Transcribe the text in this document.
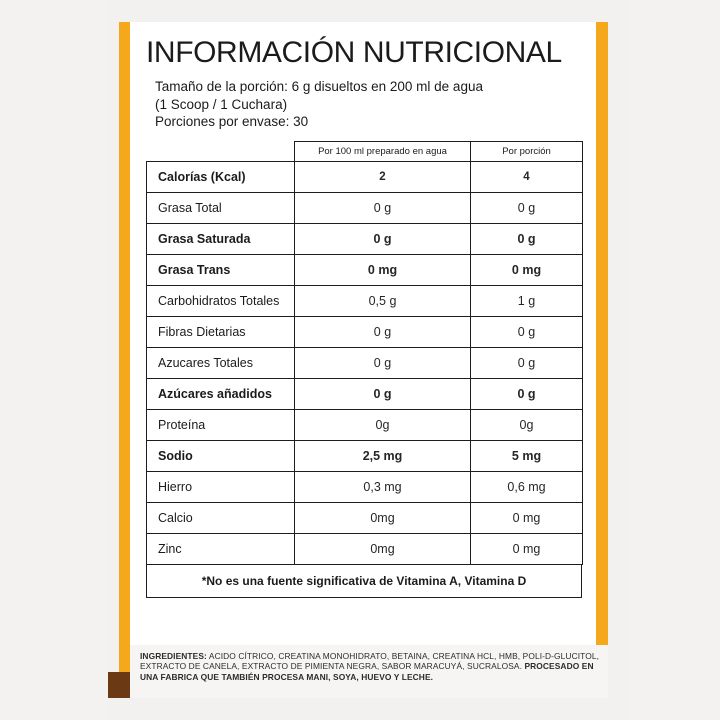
INFORMACIÓN NUTRICIONAL
Tamaño de la porción: 6 g disueltos en 200 ml de agua
(1 Scoop / 1 Cuchara)
Porciones por envase: 30
	Por 100 ml preparado en agua	Por porción
Calorías (Kcal)	2	4
Grasa Total	0 g	0 g
Grasa Saturada	0 g	0 g
Grasa Trans	0 mg	0 mg
Carbohidratos Totales	0,5 g	1 g
Fibras Dietarias	0 g	0 g
Azucares Totales	0 g	0 g
Azúcares añadidos	0 g	0 g
Proteína	0g	0g
Sodio	2,5 mg	5 mg
Hierro	0,3 mg	0,6 mg
Calcio	0mg	0 mg
Zinc	0mg	0 mg
*No es una fuente significativa de Vitamina A, Vitamina D
INGREDIENTES: ACIDO CÍTRICO, CREATINA MONOHIDRATO, BETAINA, CREATINA HCL, HMB, POLI-D-GLUCITOL, EXTRACTO DE CANELA, EXTRACTO DE PIMIENTA NEGRA, SABOR MARACUYÁ, SUCRALOSA. PROCESADO EN UNA FABRICA QUE TAMBIÉN PROCESA MANI, SOYA, HUEVO Y LECHE.
